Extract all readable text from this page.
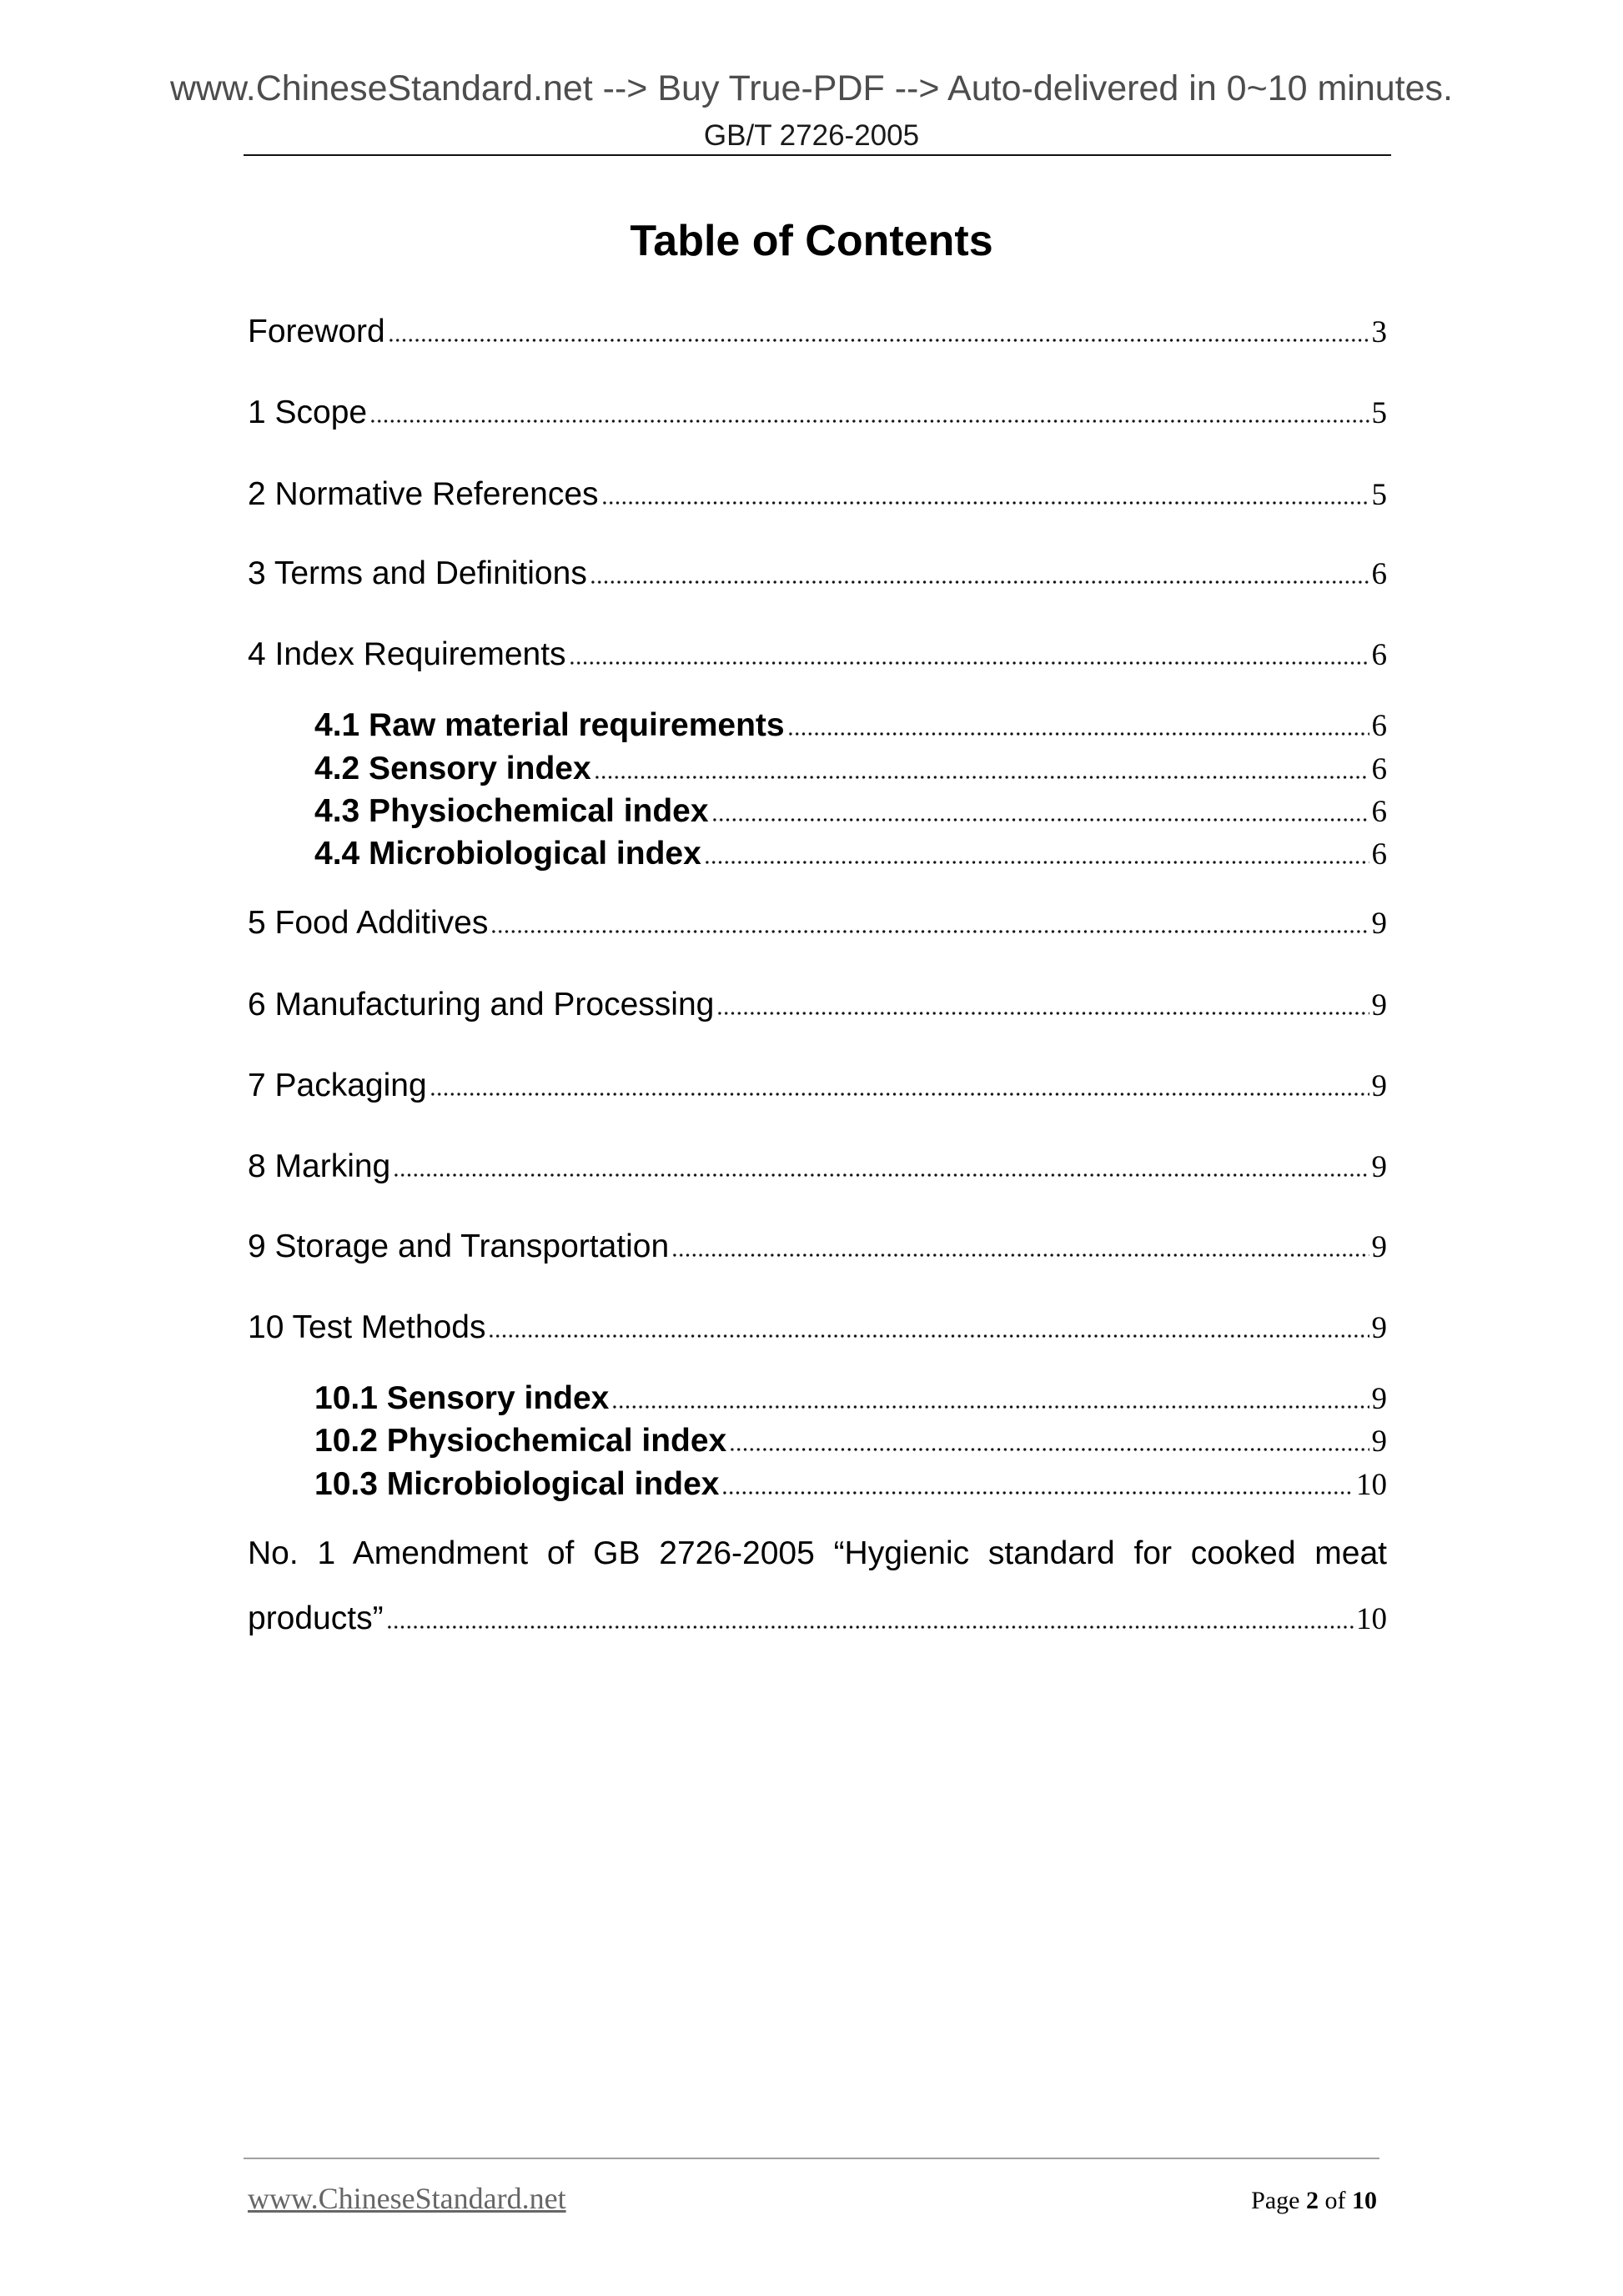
www.ChineseStandard.net --> Buy True-PDF --> Auto-delivered in 0~10 minutes.
GB/T 2726-2005
Table of Contents
Foreword	3
1 Scope	5
2 Normative References	5
3 Terms and Definitions	6
4 Index Requirements	6
4.1 Raw material requirements	6
4.2 Sensory index	6
4.3 Physiochemical index	6
4.4 Microbiological index	6
5 Food Additives	9
6 Manufacturing and Processing	9
7 Packaging	9
8 Marking	9
9 Storage and Transportation	9
10 Test Methods	9
10.1 Sensory index	9
10.2 Physiochemical index	9
10.3 Microbiological index	10
No. 1 Amendment of GB 2726-2005 “Hygienic standard for cooked meat
products”	10
www.ChineseStandard.net	Page 2 of 10
